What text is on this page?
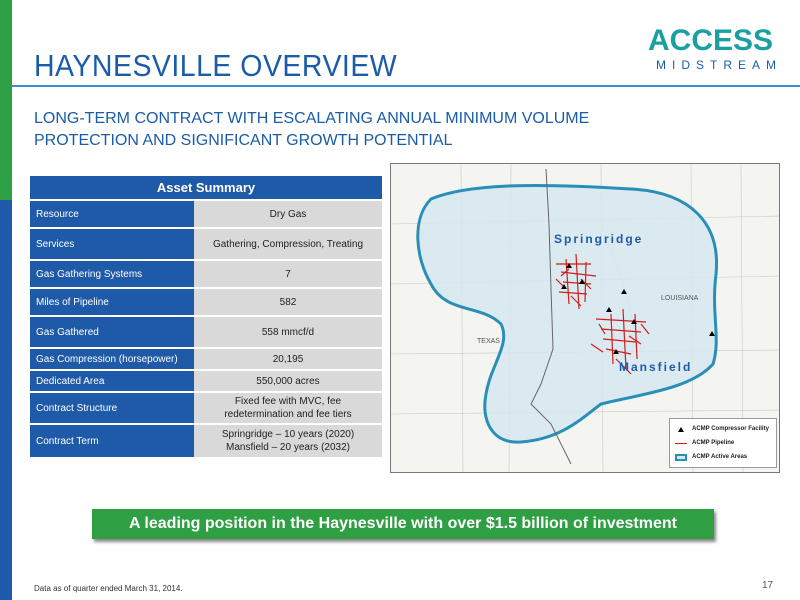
HAYNESVILLE OVERVIEW
ACCESS
MIDSTREAM
LONG-TERM CONTRACT WITH ESCALATING ANNUAL MINIMUM VOLUME
PROTECTION AND SIGNIFICANT GROWTH POTENTIAL
Asset Summary	
Resource	Dry Gas
Services	Gathering, Compression, Treating
Gas Gathering Systems	7
Miles of Pipeline	582
Gas Gathered	558 mmcf/d
Gas Compression (horsepower)	20,195
Dedicated Area	550,000 acres
Contract Structure	Fixed fee with MVC, fee
redetermination and fee tiers

Contract Term	Springridge – 10 years (2020)
Mansfield – 20 years (2032)
Springridge
Mansfield
LOUISIANA
TEXAS
ACMP Compressor Facility
ACMP Pipeline
ACMP Active Areas
A leading position in the Haynesville with over $1.5 billion of investment
Data as of quarter ended March 31, 2014.	17
